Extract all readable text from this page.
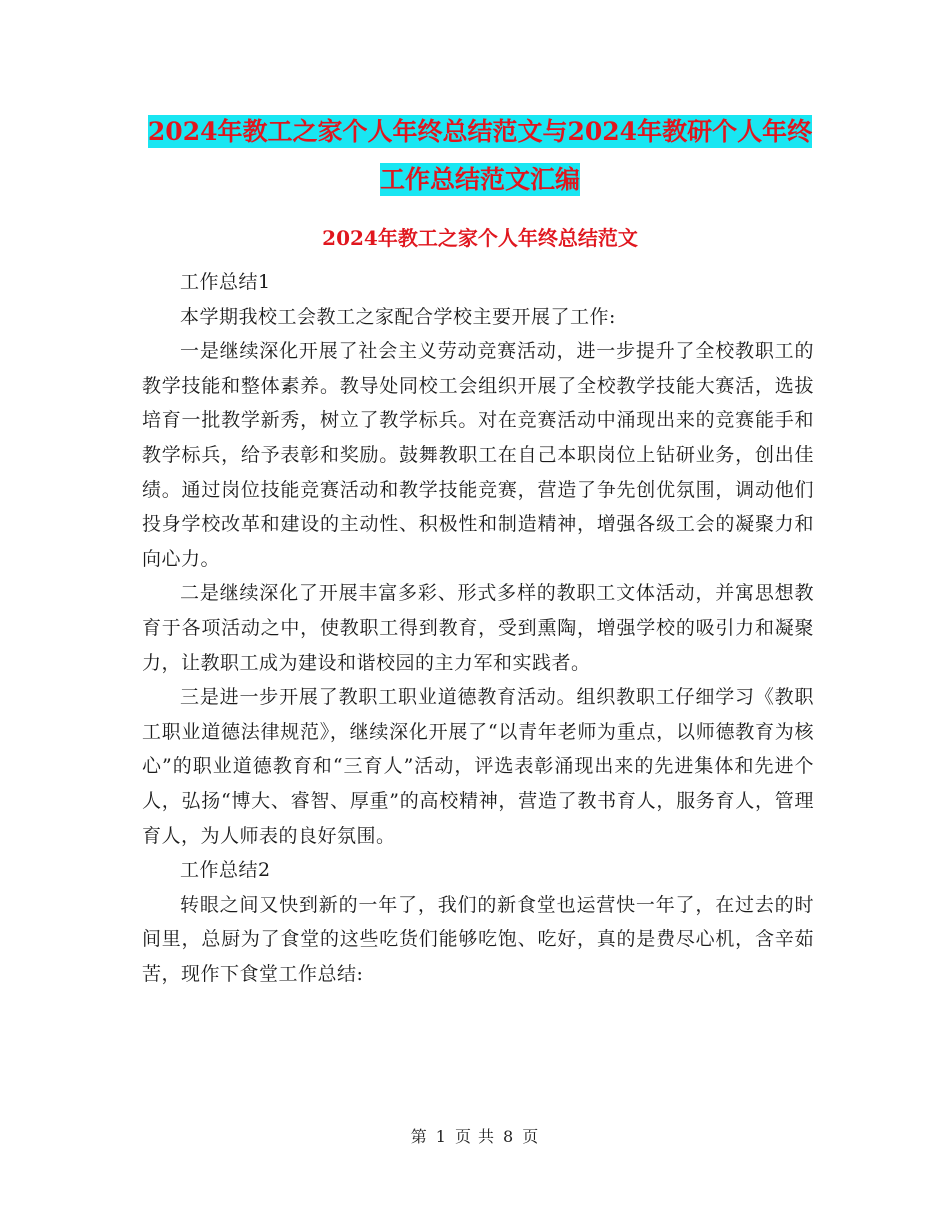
2024年教工之家个人年终总结范文与2024年教研个人年终工作总结范文汇编
2024年教工之家个人年终总结范文

工作总结1

本学期我校工会教工之家配合学校主要开展了工作:

一是继续深化开展了社会主义劳动竞赛活动，进一步提升了全校教职工的教学技能和整体素养。教导处同校工会组织开展了全校教学技能大赛活，选拔培育一批教学新秀，树立了教学标兵。对在竞赛活动中涌现出来的竞赛能手和教学标兵，给予表彰和奖励。鼓舞教职工在自己本职岗位上钻研业务，创出佳绩。通过岗位技能竞赛活动和教学技能竞赛，营造了争先创优氛围，调动他们投身学校改革和建设的主动性、积极性和制造精神，增强各级工会的凝聚力和向心力。

二是继续深化了开展丰富多彩、形式多样的教职工文体活动，并寓思想教育于各项活动之中，使教职工得到教育，受到熏陶，增强学校的吸引力和凝聚力，让教职工成为建设和谐校园的主力军和实践者。

三是进一步开展了教职工职业道德教育活动。组织教职工仔细学习《教职工职业道德法律规范》，继续深化开展了“以青年老师为重点，以师德教育为核心”的职业道德教育和“三育人”活动，评选表彰涌现出来的先进集体和先进个人，弘扬“博大、睿智、厚重”的高校精神，营造了教书育人，服务育人，管理育人，为人师表的良好氛围。

工作总结2

转眼之间又快到新的一年了，我们的新食堂也运营快一年了，在过去的时间里，总厨为了食堂的这些吃货们能够吃饱、吃好，真的是费尽心机，含辛茹苦，现作下食堂工作总结:

第 1 页 共 8 页
